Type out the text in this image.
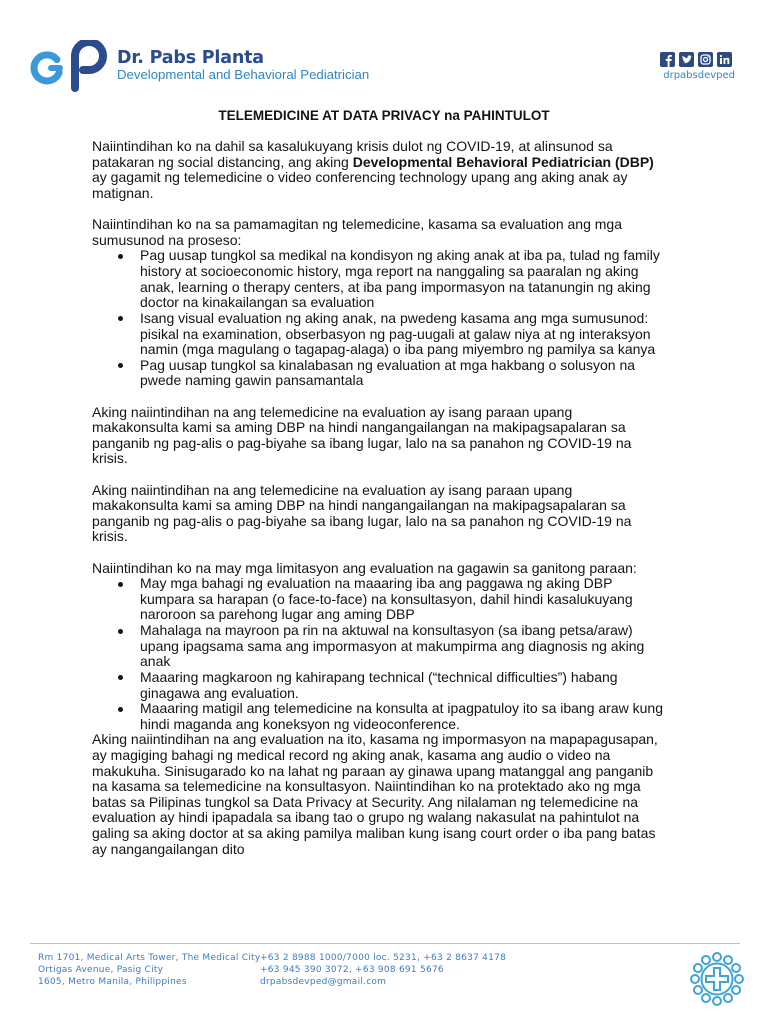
Dr. Pabs Planta
Developmental and Behavioral Pediatrician	drpabsdevped
TELEMEDICINE AT DATA PRIVACY na PAHINTULOT
Naiintindihan ko na dahil sa kasalukuyang krisis dulot ng COVID-19, at alinsunod sa
patakaran ng social distancing, ang aking Developmental Behavioral Pediatrician (DBP)
ay gagamit ng telemedicine o video conferencing technology upang ang aking anak ay
matignan.
Naiintindihan ko na sa pamamagitan ng telemedicine, kasama sa evaluation ang mga
sumusunod na proseso:
Pag uusap tungkol sa medikal na kondisyon ng aking anak at iba pa, tulad ng family
history at socioeconomic history, mga report na nanggaling sa paaralan ng aking
anak, learning o therapy centers, at iba pang impormasyon na tatanungin ng aking
doctor na kinakailangan sa evaluation
Isang visual evaluation ng aking anak, na pwedeng kasama ang mga sumusunod:
pisikal na examination, obserbasyon ng pag-uugali at galaw niya at ng interaksyon
namin (mga magulang o tagapag-alaga) o iba pang miyembro ng pamilya sa kanya
Pag uusap tungkol sa kinalabasan ng evaluation at mga hakbang o solusyon na
pwede naming gawin pansamantala
Aking naiintindihan na ang telemedicine na evaluation ay isang paraan upang
makakonsulta kami sa aming DBP na hindi nangangailangan na makipagsapalaran sa
panganib ng pag-alis o pag-biyahe sa ibang lugar, lalo na sa panahon ng COVID-19 na
krisis.
Aking naiintindihan na ang telemedicine na evaluation ay isang paraan upang
makakonsulta kami sa aming DBP na hindi nangangailangan na makipagsapalaran sa
panganib ng pag-alis o pag-biyahe sa ibang lugar, lalo na sa panahon ng COVID-19 na
krisis.
Naiintindihan ko na may mga limitasyon ang evaluation na gagawin sa ganitong paraan:
May mga bahagi ng evaluation na maaaring iba ang paggawa ng aking DBP
kumpara sa harapan (o face-to-face) na konsultasyon, dahil hindi kasalukuyang
naroroon sa parehong lugar ang aming DBP
Mahalaga na mayroon pa rin na aktuwal na konsultasyon (sa ibang petsa/araw)
upang ipagsama sama ang impormasyon at makumpirma ang diagnosis ng aking
anak
Maaaring magkaroon ng kahirapang technical (“technical difficulties”) habang
ginagawa ang evaluation.
Maaaring matigil ang telemedicine na konsulta at ipagpatuloy ito sa ibang araw kung
hindi maganda ang koneksyon ng videoconference.
Aking naiintindihan na ang evaluation na ito, kasama ng impormasyon na mapapagusapan,
ay magiging bahagi ng medical record ng aking anak, kasama ang audio o video na
makukuha. Sinisugarado ko na lahat ng paraan ay ginawa upang matanggal ang panganib
na kasama sa telemedicine na konsultasyon. Naiintindihan ko na protektado ako ng mga
batas sa Pilipinas tungkol sa Data Privacy at Security. Ang nilalaman ng telemedicine na
evaluation ay hindi ipapadala sa ibang tao o grupo ng walang nakasulat na pahintulot na
galing sa aking doctor at sa aking pamilya maliban kung isang court order o iba pang batas
ay nangangailangan dito
Rm 1701, Medical Arts Tower, The Medical City
Ortigas Avenue, Pasig City
1605, Metro Manila, Philippines
+63 2 8988 1000/7000 loc. 5231, +63 2 8637 4178
+63 945 390 3072, +63 908 691 5676
drpabsdevped@gmail.com
